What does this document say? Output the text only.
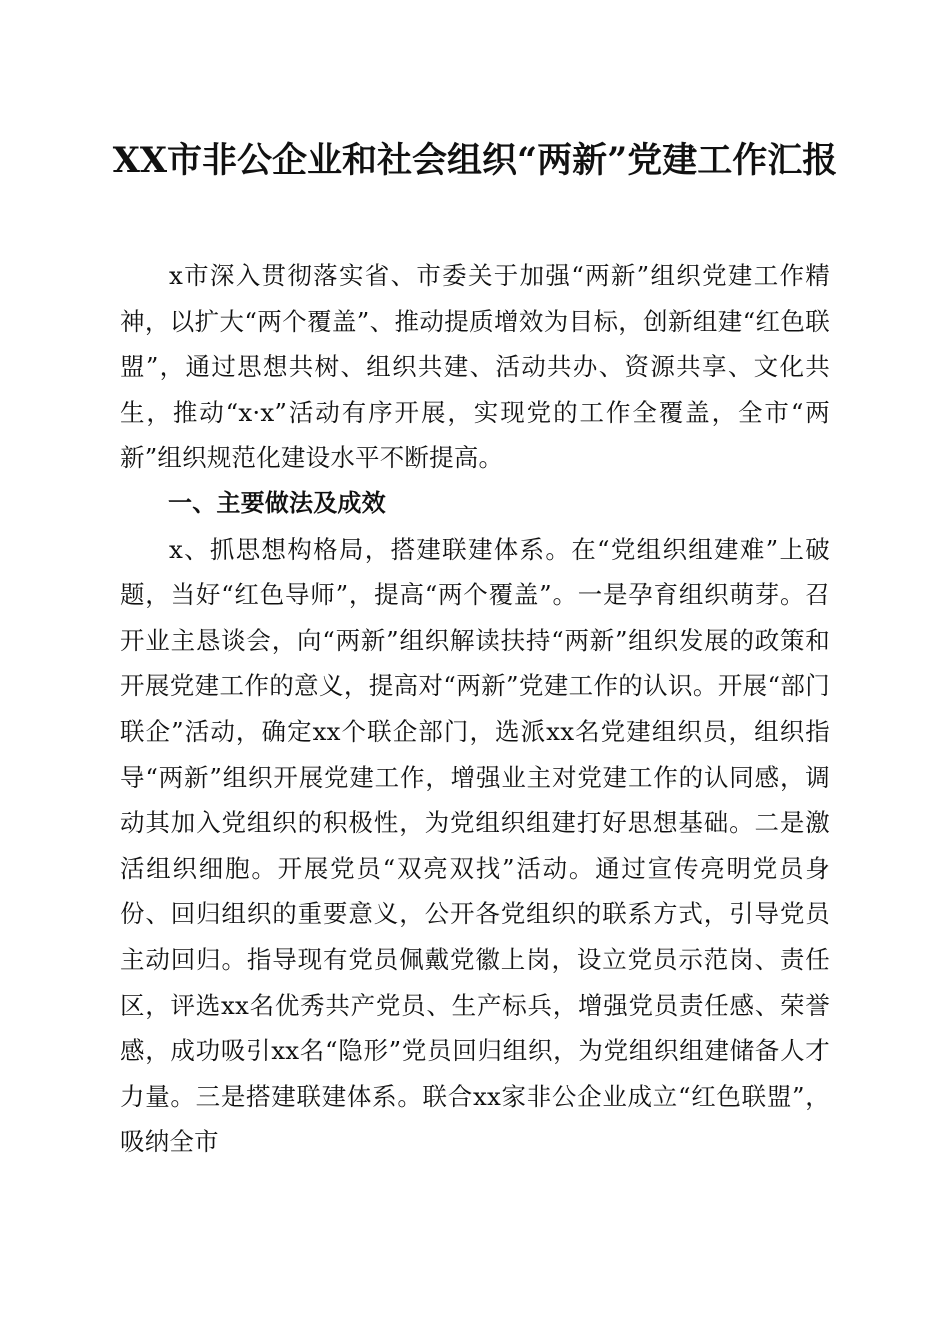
XX市非公企业和社会组织“两新”党建工作汇报

x市深入贯彻落实省、市委关于加强“两新”组织党建工作精神，以扩大“两个覆盖”、推动提质增效为目标，创新组建“红色联盟”，通过思想共树、组织共建、活动共办、资源共享、文化共生，推动“x·x”活动有序开展，实现党的工作全覆盖，全市“两新”组织规范化建设水平不断提高。

一、主要做法及成效

x、抓思想构格局，搭建联建体系。在“党组织组建难”上破题，当好“红色导师”，提高“两个覆盖”。一是孕育组织萌芽。召开业主恳谈会，向“两新”组织解读扶持“两新”组织发展的政策和开展党建工作的意义，提高对“两新”党建工作的认识。开展“部门联企”活动，确定xx个联企部门，选派xx名党建组织员，组织指导“两新”组织开展党建工作，增强业主对党建工作的认同感，调动其加入党组织的积极性，为党组织组建打好思想基础。二是激活组织细胞。开展党员“双亮双找”活动。通过宣传亮明党员身份、回归组织的重要意义，公开各党组织的联系方式，引导党员主动回归。指导现有党员佩戴党徽上岗，设立党员示范岗、责任区，评选xx名优秀共产党员、生产标兵，增强党员责任感、荣誉感，成功吸引xx名“隐形”党员回归组织，为党组织组建储备人才力量。三是搭建联建体系。联合xx家非公企业成立“红色联盟”，吸纳全市
